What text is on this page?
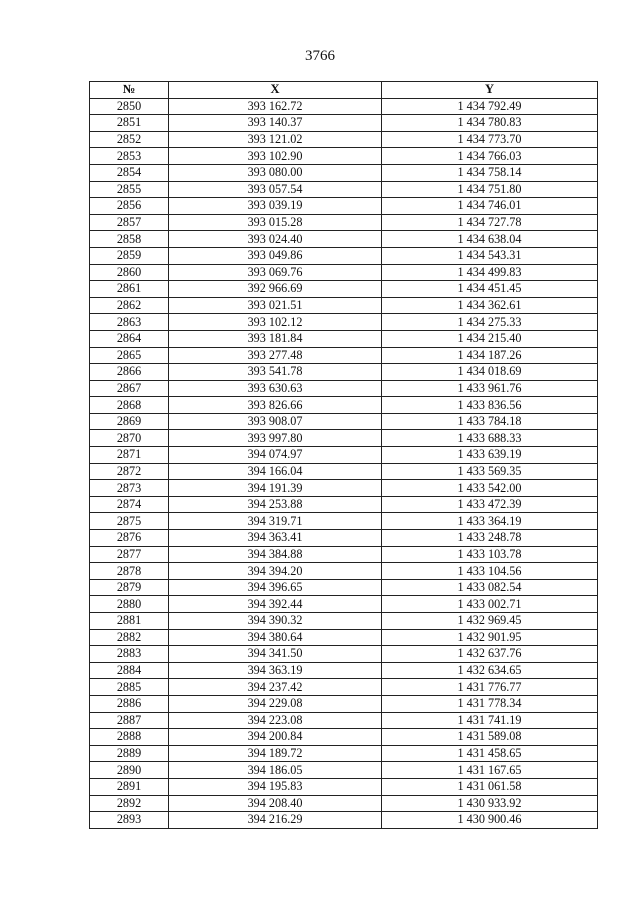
3766
№	X	Y
2850	393 162.72	1 434 792.49
2851	393 140.37	1 434 780.83
2852	393 121.02	1 434 773.70
2853	393 102.90	1 434 766.03
2854	393 080.00	1 434 758.14
2855	393 057.54	1 434 751.80
2856	393 039.19	1 434 746.01
2857	393 015.28	1 434 727.78
2858	393 024.40	1 434 638.04
2859	393 049.86	1 434 543.31
2860	393 069.76	1 434 499.83
2861	392 966.69	1 434 451.45
2862	393 021.51	1 434 362.61
2863	393 102.12	1 434 275.33
2864	393 181.84	1 434 215.40
2865	393 277.48	1 434 187.26
2866	393 541.78	1 434 018.69
2867	393 630.63	1 433 961.76
2868	393 826.66	1 433 836.56
2869	393 908.07	1 433 784.18
2870	393 997.80	1 433 688.33
2871	394 074.97	1 433 639.19
2872	394 166.04	1 433 569.35
2873	394 191.39	1 433 542.00
2874	394 253.88	1 433 472.39
2875	394 319.71	1 433 364.19
2876	394 363.41	1 433 248.78
2877	394 384.88	1 433 103.78
2878	394 394.20	1 433 104.56
2879	394 396.65	1 433 082.54
2880	394 392.44	1 433 002.71
2881	394 390.32	1 432 969.45
2882	394 380.64	1 432 901.95
2883	394 341.50	1 432 637.76
2884	394 363.19	1 432 634.65
2885	394 237.42	1 431 776.77
2886	394 229.08	1 431 778.34
2887	394 223.08	1 431 741.19
2888	394 200.84	1 431 589.08
2889	394 189.72	1 431 458.65
2890	394 186.05	1 431 167.65
2891	394 195.83	1 431 061.58
2892	394 208.40	1 430 933.92
2893	394 216.29	1 430 900.46
